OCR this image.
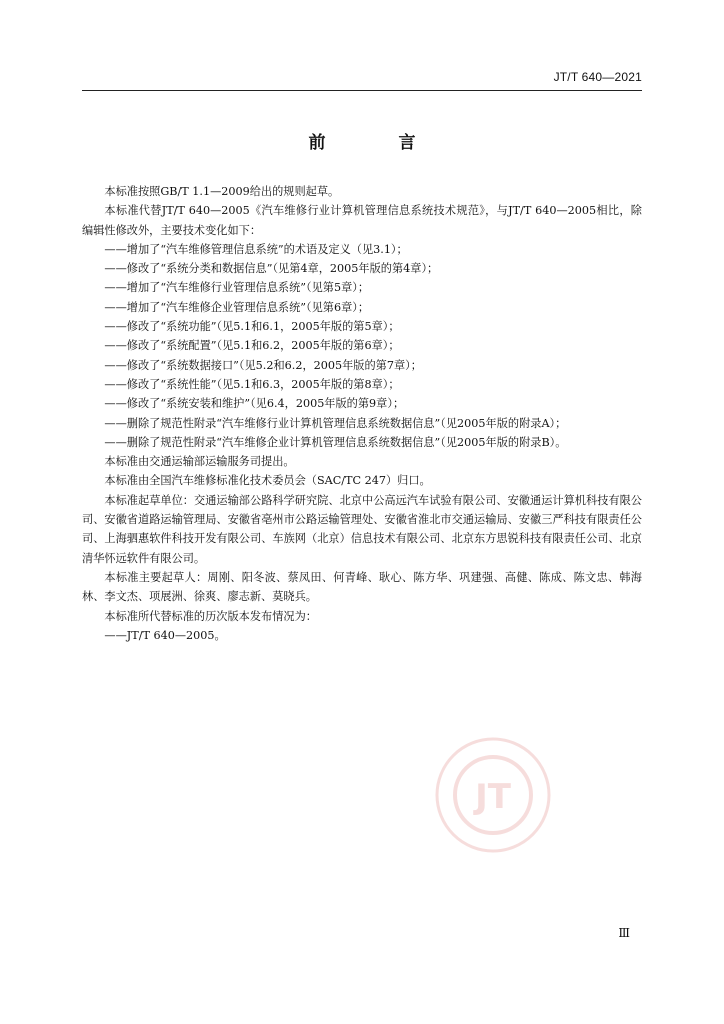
JT/T 640—2021
前　言

本标准按照GB/T 1.1—2009给出的规则起草。

本标准代替JT/T 640—2005《汽车维修行业计算机管理信息系统技术规范》，与JT/T 640—2005相比，除编辑性修改外，主要技术变化如下：

——增加了“汽车维修管理信息系统”的术语及定义（见3.1）；
——修改了“系统分类和数据信息”（见第4章，2005年版的第4章）；
——增加了“汽车维修行业管理信息系统”（见第5章）；
——增加了“汽车维修企业管理信息系统”（见第6章）；
——修改了“系统功能”（见5.1和6.1，2005年版的第5章）；
——修改了“系统配置”（见5.1和6.2，2005年版的第6章）；
——修改了“系统数据接口”（见5.2和6.2，2005年版的第7章）；
——修改了“系统性能”（见5.1和6.3，2005年版的第8章）；
——修改了“系统安装和维护”（见6.4，2005年版的第9章）；
——删除了规范性附录“汽车维修行业计算机管理信息系统数据信息”（见2005年版的附录A）；
——删除了规范性附录“汽车维修企业计算机管理信息系统数据信息”（见2005年版的附录B）。

本标准由交通运输部运输服务司提出。

本标准由全国汽车维修标准化技术委员会（SAC/TC 247）归口。

本标准起草单位：交通运输部公路科学研究院、北京中公高远汽车试验有限公司、安徽通运计算机科技有限公司、安徽省道路运输管理局、安徽省亳州市公路运输管理处、安徽省淮北市交通运输局、安徽三严科技有限责任公司、上海驷惠软件科技开发有限公司、车族网（北京）信息技术有限公司、北京东方思锐科技有限责任公司、北京清华怀远软件有限公司。

本标准主要起草人：周刚、阳冬波、蔡凤田、何青峰、耿心、陈方华、巩建强、高健、陈成、陈文忠、韩海林、李文杰、项展洲、徐爽、廖志新、莫晓兵。

本标准所代替标准的历次版本发布情况为：

——JT/T 640—2005。

JT
Ⅲ
